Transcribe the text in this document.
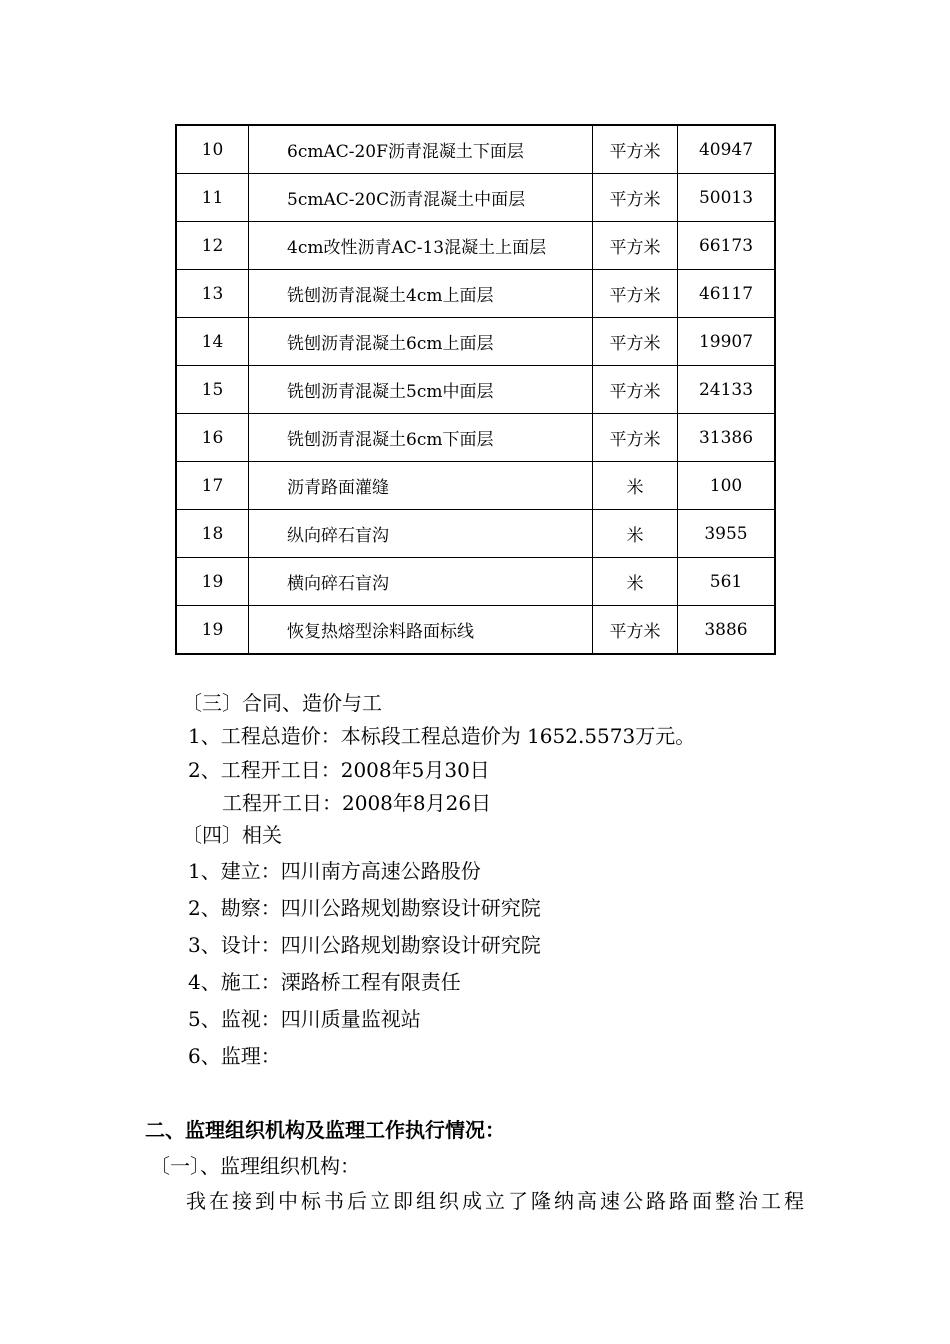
10	6cmAC-20F沥青混凝土下面层	平方米	40947
11	5cmAC-20C沥青混凝土中面层	平方米	50013
12	4cm改性沥青AC-13混凝土上面层	平方米	66173
13	铣刨沥青混凝土4cm上面层	平方米	46117
14	铣刨沥青混凝土6cm上面层	平方米	19907
15	铣刨沥青混凝土5cm中面层	平方米	24133
16	铣刨沥青混凝土6cm下面层	平方米	31386
17	沥青路面灌缝	米	100
18	纵向碎石盲沟	米	3955
19	横向碎石盲沟	米	561
19	恢复热熔型涂料路面标线	平方米	3886
〔三〕合同、造价与工
1、工程总造价：本标段工程总造价为 1652.5573万元。
2、工程开工日：2008年5月30日
工程开工日：2008年8月26日
〔四〕相关
1、建立：四川南方高速公路股份
2、勘察：四川公路规划勘察设计研究院
3、设计：四川公路规划勘察设计研究院
4、施工：溧路桥工程有限责任
5、监视：四川质量监视站
6、监理：
二、监理组织机构及监理工作执行情况：
〔一〕、监理组织机构：
我在接到中标书后立即组织成立了隆纳高速公路路面整治工程
